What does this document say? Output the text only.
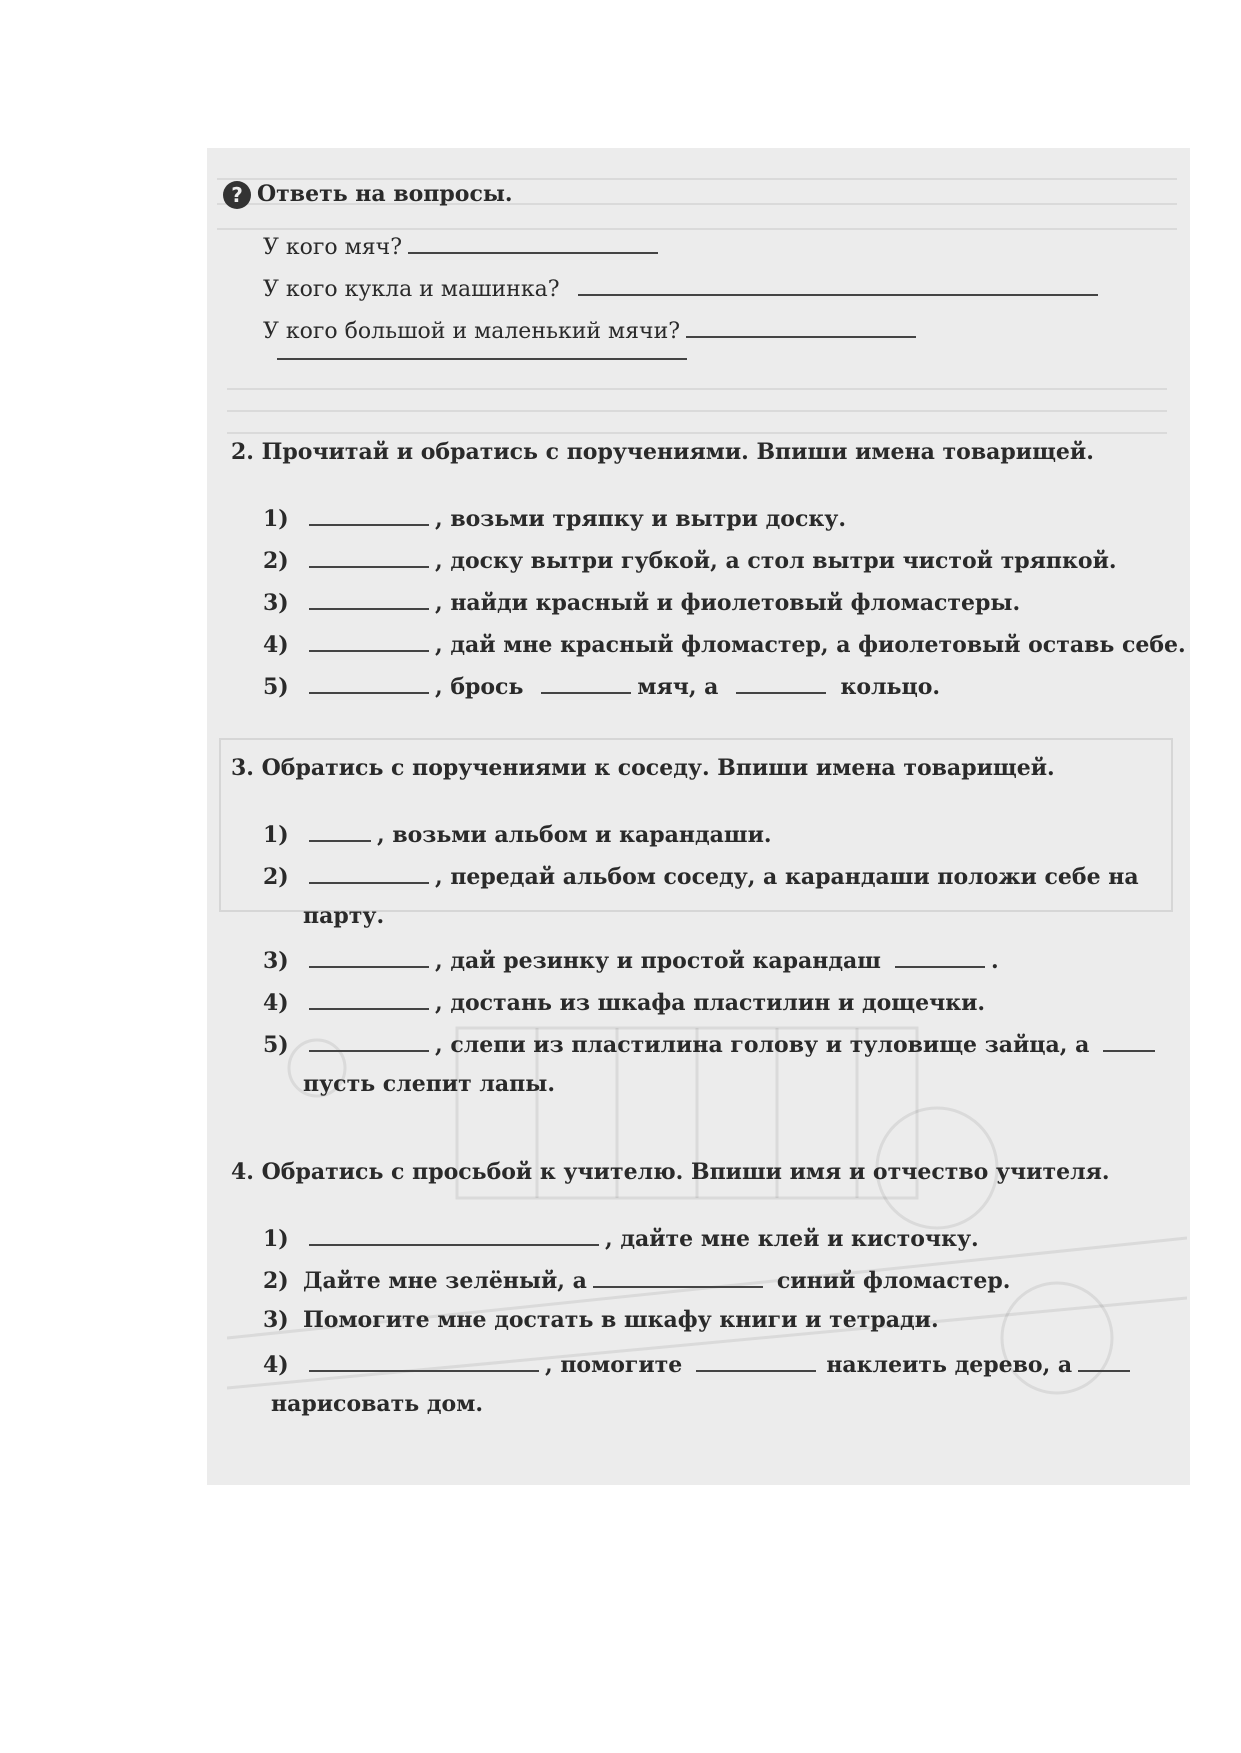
? Ответь на вопросы.
У кого мяч?
У кого кукла и машинка?
У кого большой и маленький мячи?
2. Прочитай и обратись с поручениями. Впиши имена товарищей.
1)	, возьми тряпку и вытри доску.
2)	, доску вытри губкой, а стол вытри чистой тряпкой.
3)	, найди красный и фиолетовый фломастеры.
4)	, дай мне красный фломастер, а фиолетовый оставь себе.
5)	, брось	мяч, а	кольцо.
3. Обратись с поручениями к соседу. Впиши имена товарищей.
1)	, возьми альбом и карандаши.
2)	, передай альбом соседу, а карандаши положи себе на
парту.
3)	, дай резинку и простой карандаш	.
4)	, достань из шкафа пластилин и дощечки.
5)	, слепи из пластилина голову и туловище зайца, а
пусть слепит лапы.
4. Обратись с просьбой к учителю. Впиши имя и отчество учителя.
1)	, дайте мне клей и кисточку.
2) Дайте мне зелёный, а	синий фломастер.
3) Помогите мне достать в шкафу книги и тетради.
4)	, помогите	наклеить дерево, а
нарисовать дом.
